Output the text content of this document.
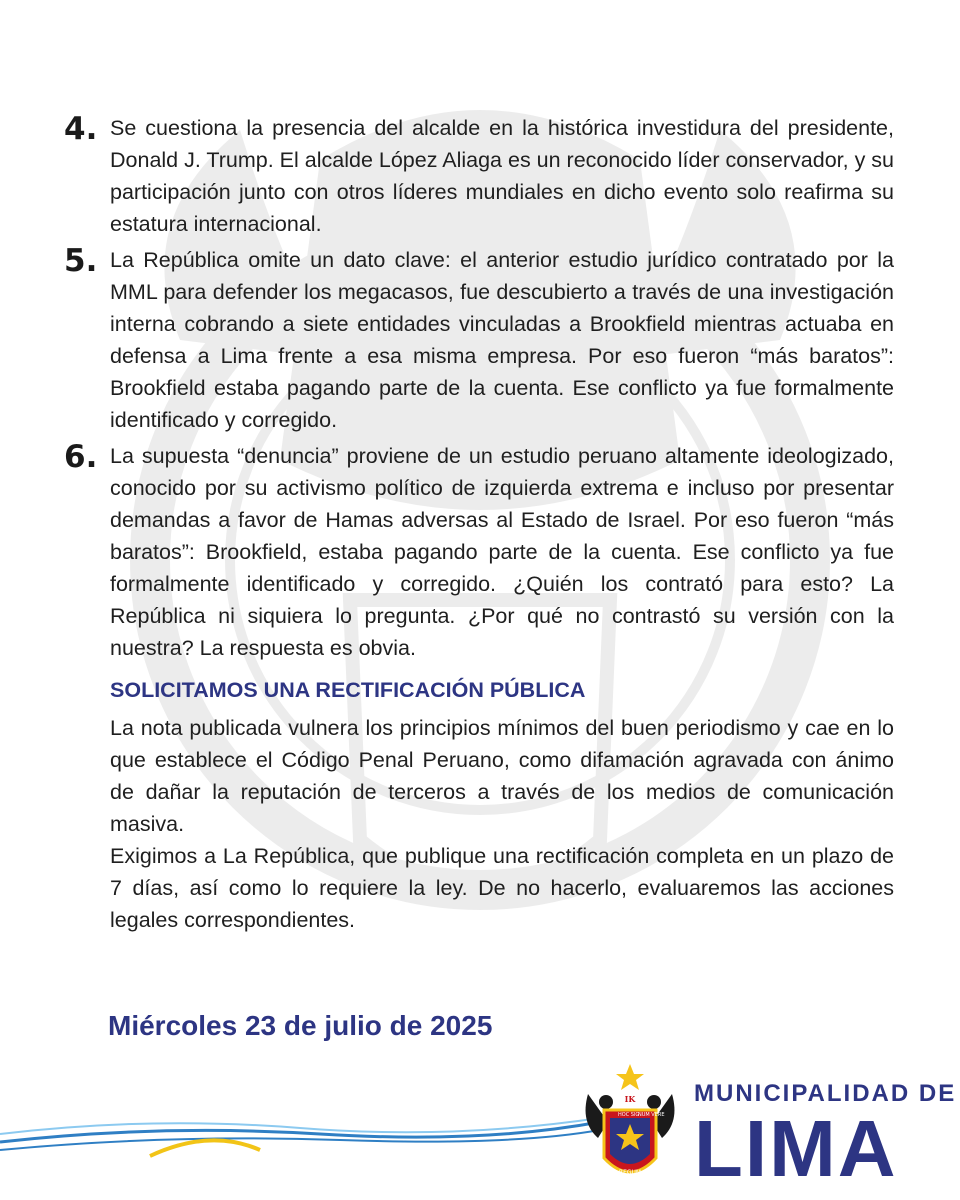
4. Se cuestiona la presencia del alcalde en la histórica investidura del presidente, Donald J. Trump. El alcalde López Aliaga es un reconocido líder conservador, y su participación junto con otros líderes mundiales en dicho evento solo reafirma su estatura internacional.
5. La República omite un dato clave: el anterior estudio jurídico contratado por la MML para defender los megacasos, fue descubierto a través de una investigación interna cobrando a siete entidades vinculadas a Brookfield mientras actuaba en defensa a Lima frente a esa misma empresa. Por eso fueron “más baratos”: Brookfield estaba pagando parte de la cuenta. Ese conflicto ya fue formalmente identificado y corregido.
6. La supuesta “denuncia” proviene de un estudio peruano altamente ideologizado, conocido por su activismo político de izquierda extrema e incluso por presentar demandas a favor de Hamas adversas al Estado de Israel. Por eso fueron “más baratos”: Brookfield, estaba pagando parte de la cuenta. Ese conflicto ya fue formalmente identificado y corregido. ¿Quién los contrató para esto? La República ni siquiera lo pregunta. ¿Por qué no contrastó su versión con la nuestra? La respuesta es obvia.
SOLICITAMOS UNA RECTIFICACIÓN PÚBLICA
La nota publicada vulnera los principios mínimos del buen periodismo y cae en lo que establece el Código Penal Peruano, como difamación agravada con ánimo de dañar la reputación de terceros a través de los medios de comunicación masiva.
Exigimos a La República, que publique una rectificación completa en un plazo de 7 días, así como lo requiere la ley. De no hacerlo, evaluaremos las acciones legales correspondientes.
Miércoles 23 de julio de 2025
IK
HOC SIG
NUM VERE
REGUM
MUNICIPALIDAD DE
LIMA
